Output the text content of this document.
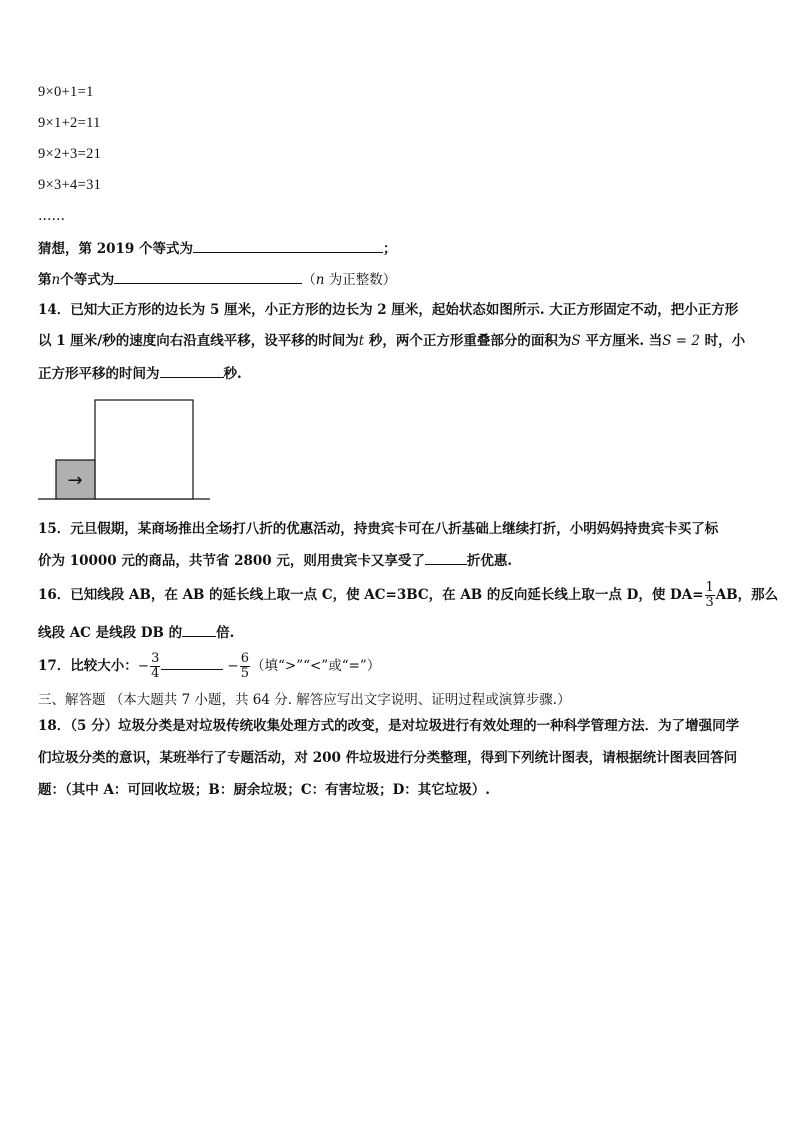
9×0+1=1
9×1+2=11
9×2+3=21
9×3+4=31
……
猜想，第 2019 个等式为	；
第n个等式为	（n 为正整数）
14．已知大正方形的边长为 5 厘米，小正方形的边长为 2 厘米，起始状态如图所示. 大正方形固定不动，把小正方形
以 1 厘米/秒的速度向右沿直线平移，设平移的时间为t 秒，两个正方形重叠部分的面积为S 平方厘米. 当S = 2 时，小
正方形平移的时间为	秒.
→
15．元旦假期，某商场推出全场打八折的优惠活动，持贵宾卡可在八折基础上继续打折，小明妈妈持贵宾卡买了标
价为 10000 元的商品，共节省 2800 元，则用贵宾卡又享受了	折优惠.
16．已知线段 AB，在 AB 的延长线上取一点 C，使 AC=3BC，在 AB 的反向延长线上取一点 D，使 $DA= \frac{1}{3}$ AB，那么
线段 AC 是线段 DB 的	倍.
17．比较大小：− $\frac{3}{4}$	− $\frac{6}{5}$ （填“>”“<”或“=”）
三、解答题 （本大题共 7 小题，共 64 分. 解答应写出文字说明、证明过程或演算步骤.）
18．（5 分）垃圾分类是对垃圾传统收集处理方式的改变，是对垃圾进行有效处理的一种科学管理方法．为了增强同学
们垃圾分类的意识，某班举行了专题活动，对 200 件垃圾进行分类整理，得到下列统计图表，请根据统计图表回答问
题：（其中 A：可回收垃圾；B：厨余垃圾；C：有害垃圾；D：其它垃圾）.
